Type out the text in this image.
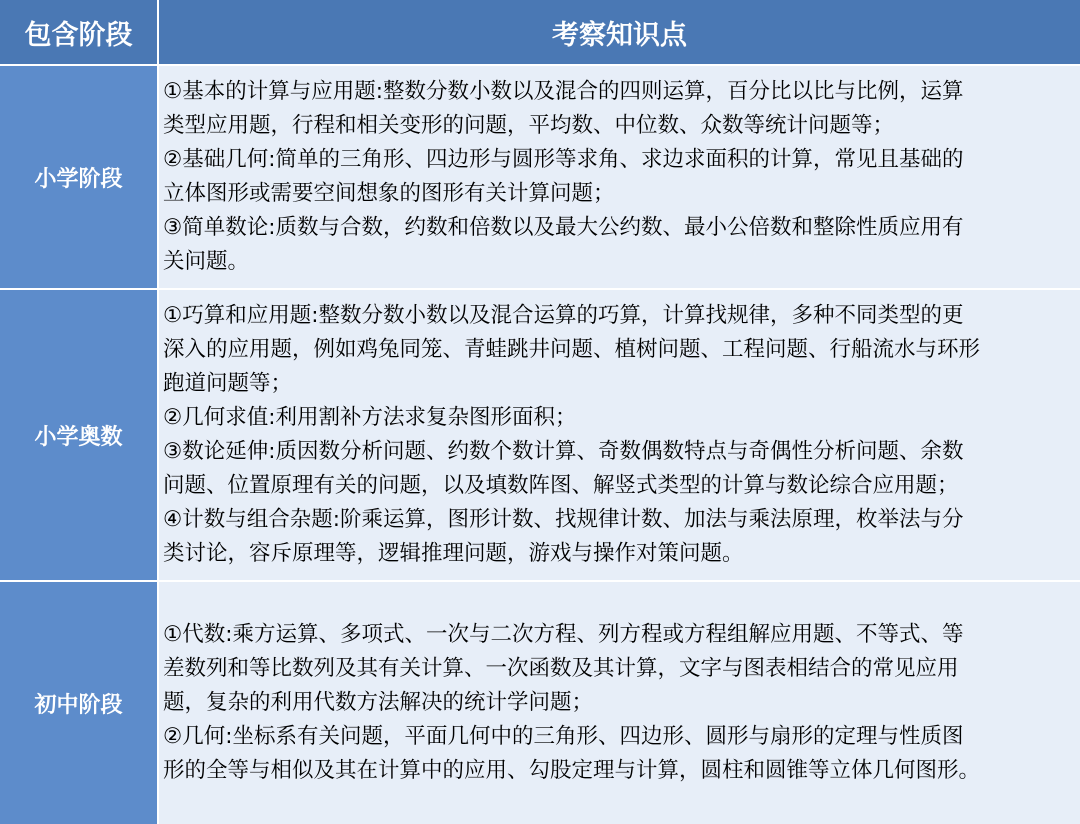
包含阶段	考察知识点
小学阶段

①基本的计算与应用题:整数分数小数以及混合的四则运算，百分比以比与比例，运算

类型应用题，行程和相关变形的问题，平均数、中位数、众数等统计问题等；

②基础几何:简单的三角形、四边形与圆形等求角、求边求面积的计算，常见且基础的

立体图形或需要空间想象的图形有关计算问题；

③简单数论:质数与合数，约数和倍数以及最大公约数、最小公倍数和整除性质应用有

关问题。

小学奥数

①巧算和应用题:整数分数小数以及混合运算的巧算，计算找规律，多种不同类型的更

深入的应用题，例如鸡兔同笼、青蛙跳井问题、植树问题、工程问题、行船流水与环形

跑道问题等；

②几何求值:利用割补方法求复杂图形面积；

③数论延伸:质因数分析问题、约数个数计算、奇数偶数特点与奇偶性分析问题、余数

问题、位置原理有关的问题，以及填数阵图、解竖式类型的计算与数论综合应用题；

④计数与组合杂题:阶乘运算，图形计数、找规律计数、加法与乘法原理，枚举法与分

类讨论，容斥原理等，逻辑推理问题，游戏与操作对策问题。

初中阶段

①代数:乘方运算、多项式、一次与二次方程、列方程或方程组解应用题、不等式、等

差数列和等比数列及其有关计算、一次函数及其计算，文字与图表相结合的常见应用

题，复杂的利用代数方法解决的统计学问题；

②几何:坐标系有关问题，平面几何中的三角形、四边形、圆形与扇形的定理与性质图

形的全等与相似及其在计算中的应用、勾股定理与计算，圆柱和圆锥等立体几何图形。
